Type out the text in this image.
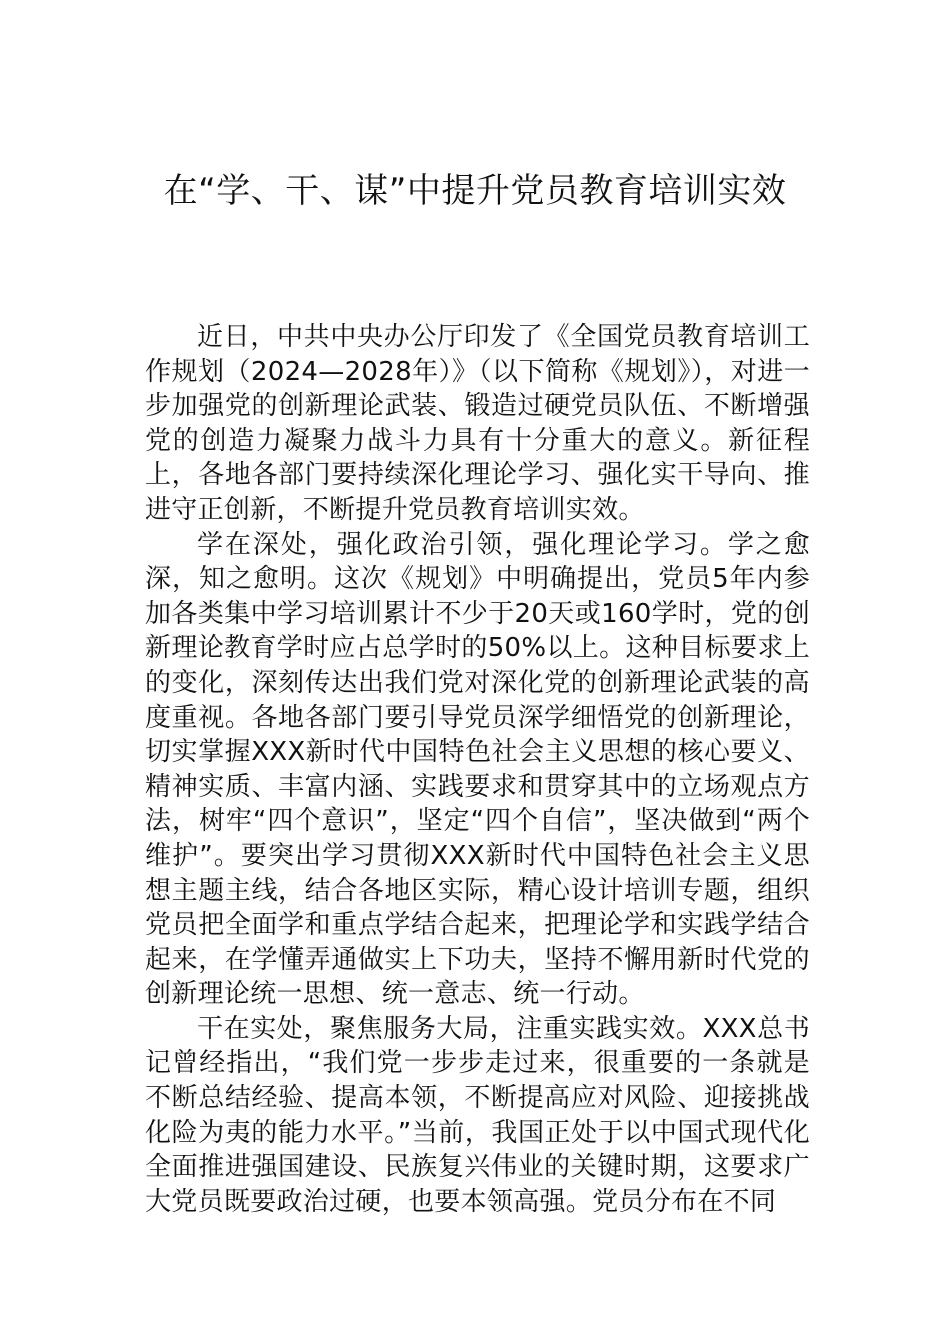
在“学、干、谋”中提升党员教育培训实效

近日，中共中央办公厅印发了《全国党员教育培训工作规划（2024—2028年）》（以下简称《规划》），对进一步加强党的创新理论武装、锻造过硬党员队伍、不断增强党的创造力凝聚力战斗力具有十分重大的意义。新征程上，各地各部门要持续深化理论学习、强化实干导向、推进守正创新，不断提升党员教育培训实效。

学在深处，强化政治引领，强化理论学习。学之愈深，知之愈明。这次《规划》中明确提出，党员5年内参加各类集中学习培训累计不少于20天或160学时，党的创新理论教育学时应占总学时的50%以上。这种目标要求上的变化，深刻传达出我们党对深化党的创新理论武装的高度重视。各地各部门要引导党员深学细悟党的创新理论，切实掌握XXX新时代中国特色社会主义思想的核心要义、精神实质、丰富内涵、实践要求和贯穿其中的立场观点方法，树牢“四个意识”，坚定“四个自信”，坚决做到“两个维护”。要突出学习贯彻XXX新时代中国特色社会主义思想主题主线，结合各地区实际，精心设计培训专题，组织党员把全面学和重点学结合起来，把理论学和实践学结合起来，在学懂弄通做实上下功夫，坚持不懈用新时代党的创新理论统一思想、统一意志、统一行动。

干在实处，聚焦服务大局，注重实践实效。XXX总书记曾经指出，“我们党一步步走过来，很重要的一条就是不断总结经验、提高本领，不断提高应对风险、迎接挑战化险为夷的能力水平。”当前，我国正处于以中国式现代化全面推进强国建设、民族复兴伟业的关键时期，这要求广大党员既要政治过硬，也要本领高强。党员分布在不同
